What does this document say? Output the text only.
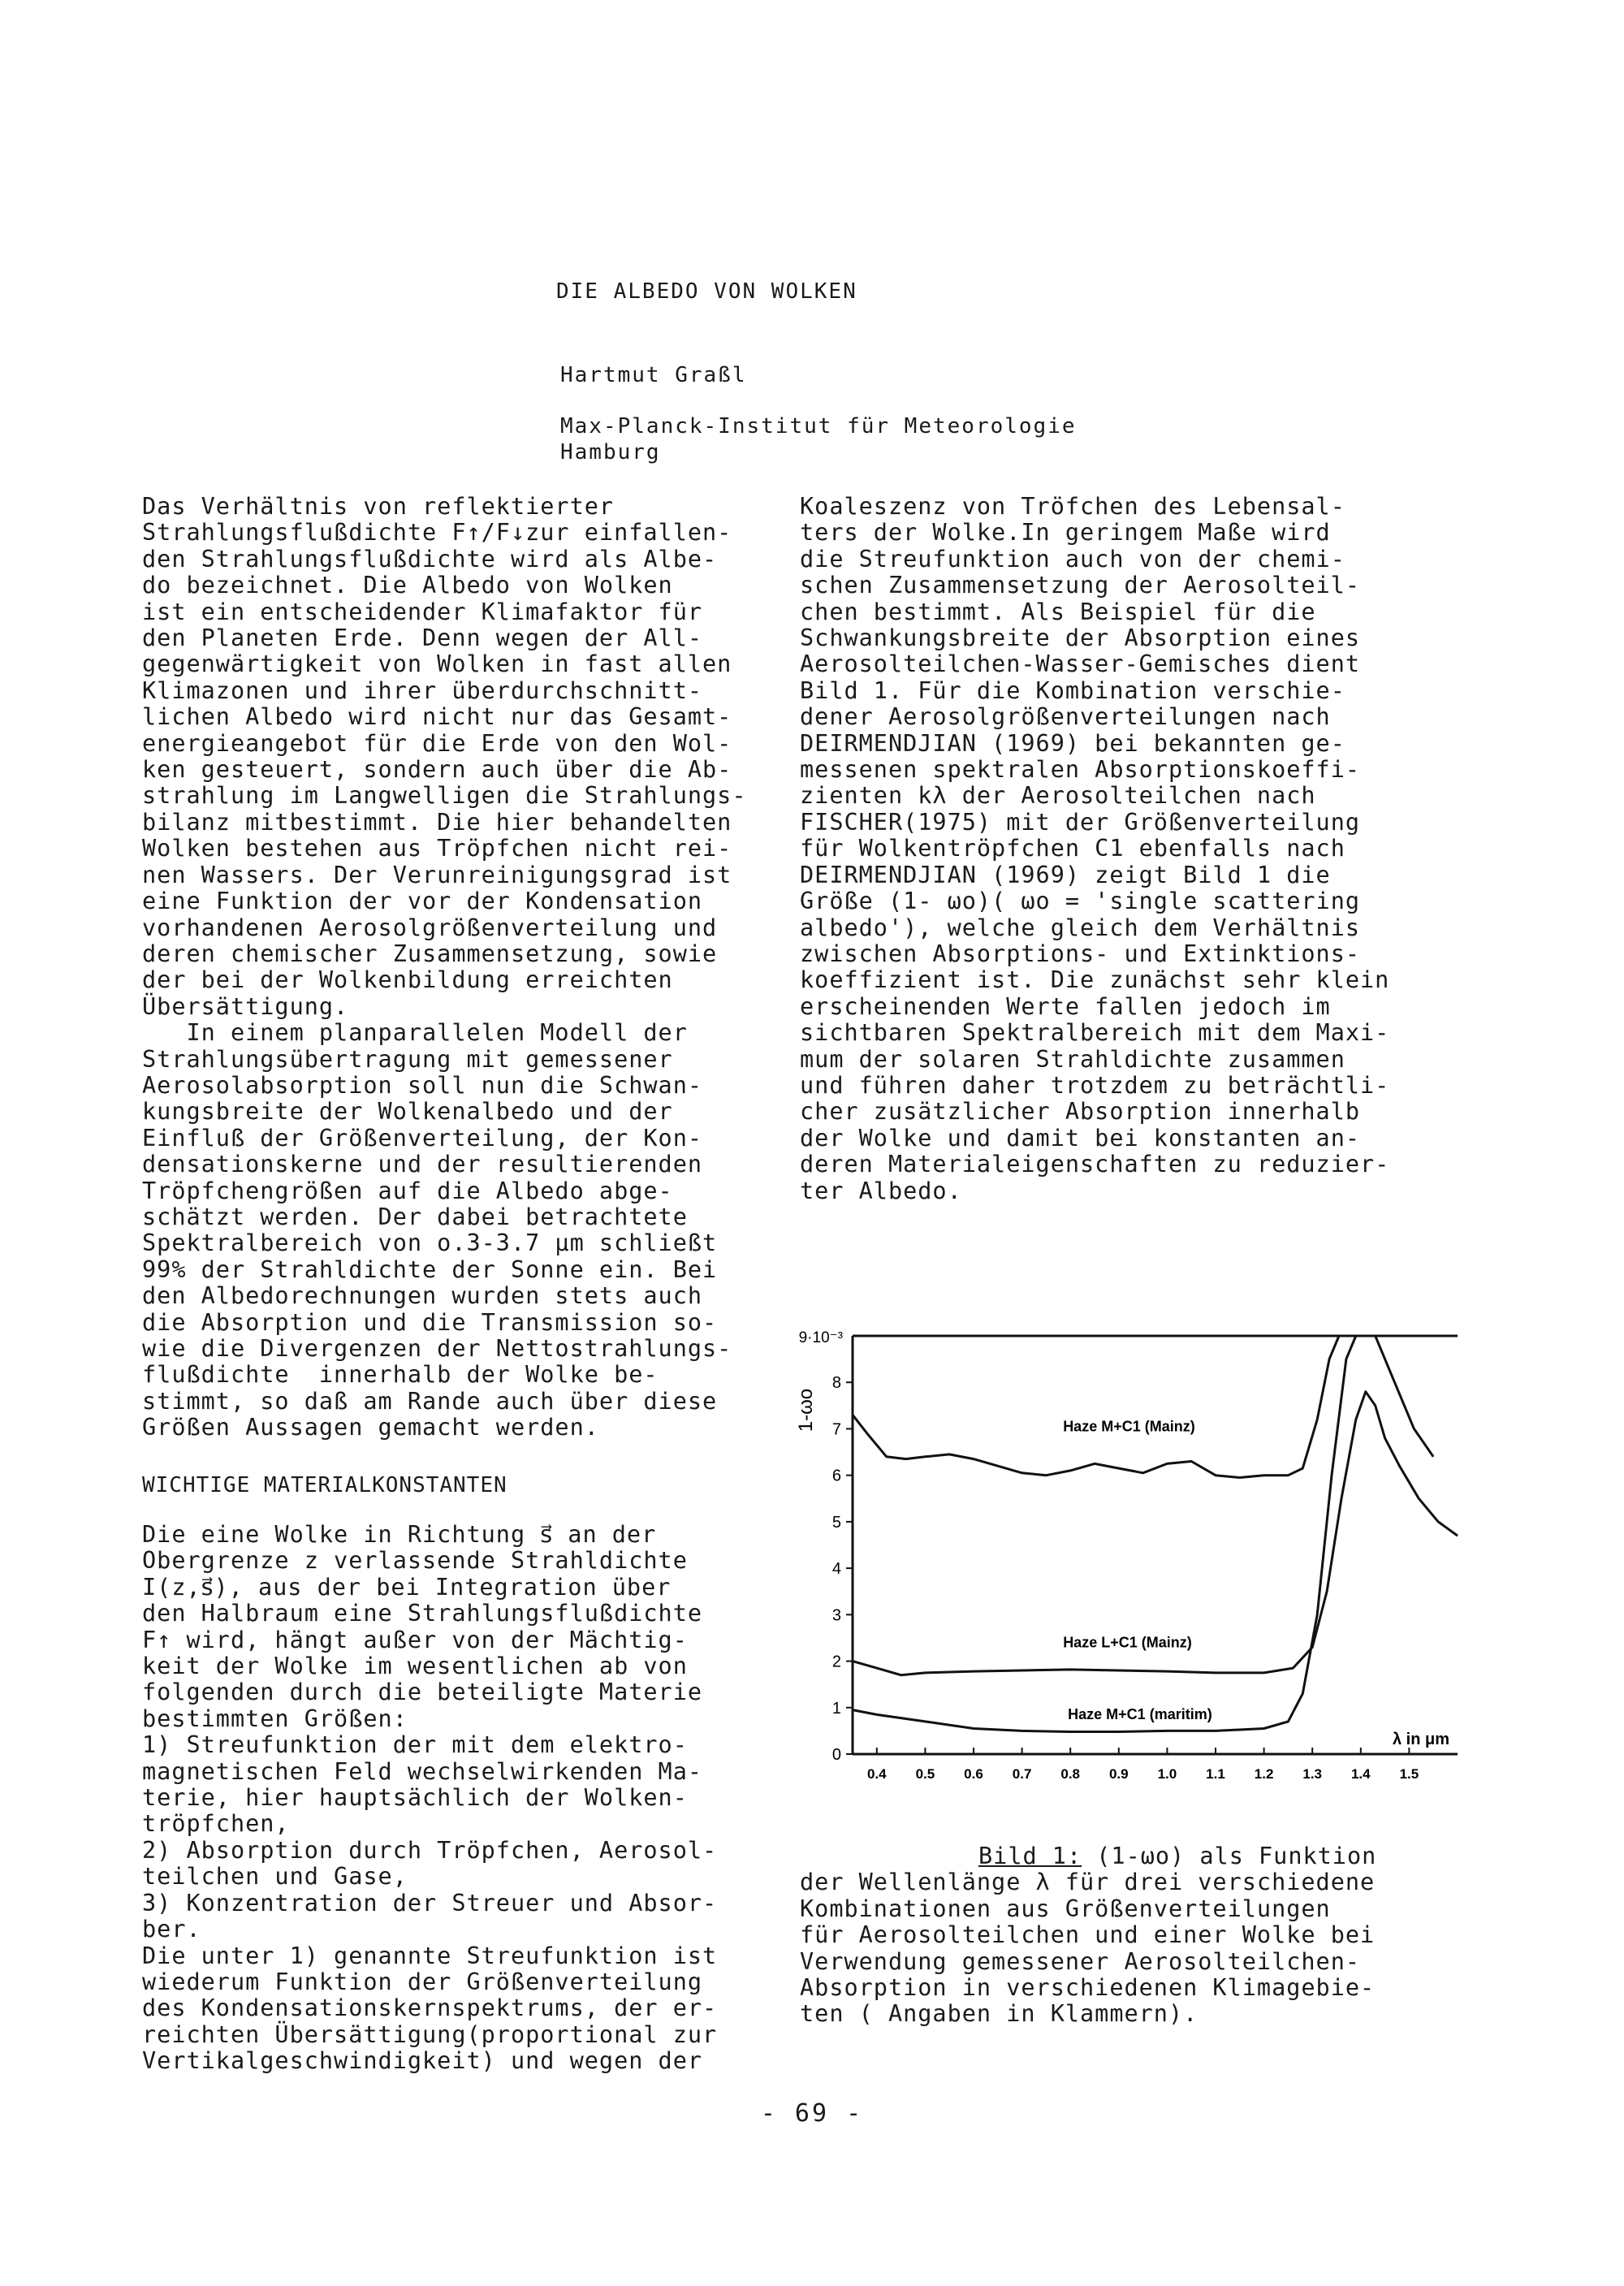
DIE ALBEDO VON WOLKEN
Hartmut Graßl
Max-Planck-Institut für Meteorologie
Hamburg

Das Verhältnis von reflektierter

Strahlungsflußdichte F↑/F↓zur einfallen-

den Strahlungsflußdichte wird als Albe-

do bezeichnet. Die Albedo von Wolken

ist ein entscheidender Klimafaktor für

den Planeten Erde. Denn wegen der All-

gegenwärtigkeit von Wolken in fast allen

Klimazonen und ihrer überdurchschnitt-

lichen Albedo wird nicht nur das Gesamt-

energieangebot für die Erde von den Wol-

ken gesteuert, sondern auch über die Ab-

strahlung im Langwelligen die Strahlungs-

bilanz mitbestimmt. Die hier behandelten

Wolken bestehen aus Tröpfchen nicht rei-

nen Wassers. Der Verunreinigungsgrad ist

eine Funktion der vor der Kondensation

vorhandenen Aerosolgrößenverteilung und

deren chemischer Zusammensetzung, sowie

der bei der Wolkenbildung erreichten

Übersättigung.

In einem planparallelen Modell der

Strahlungsübertragung mit gemessener

Aerosolabsorption soll nun die Schwan-

kungsbreite der Wolkenalbedo und der

Einfluß der Größenverteilung, der Kon-

densationskerne und der resultierenden

Tröpfchengrößen auf die Albedo abge-

schätzt werden. Der dabei betrachtete

Spektralbereich von o.3-3.7 μm schließt

99% der Strahldichte der Sonne ein. Bei

den Albedorechnungen wurden stets auch

die Absorption und die Transmission so-

wie die Divergenzen der Nettostrahlungs-

flußdichte  innerhalb der Wolke be-

stimmt, so daß am Rande auch über diese

Größen Aussagen gemacht werden.

WICHTIGE MATERIALKONSTANTEN

Die eine Wolke in Richtung s⃗ an der

Obergrenze z verlassende Strahldichte

I(z,s⃗), aus der bei Integration über

den Halbraum eine Strahlungsflußdichte

F↑ wird, hängt außer von der Mächtig-

keit der Wolke im wesentlichen ab von

folgenden durch die beteiligte Materie

bestimmten Größen:

1) Streufunktion der mit dem elektro-

magnetischen Feld wechselwirkenden Ma-

terie, hier hauptsächlich der Wolken-

tröpfchen,

2) Absorption durch Tröpfchen, Aerosol-

teilchen und Gase,

3) Konzentration der Streuer und Absor-

ber.

Die unter 1) genannte Streufunktion ist

wiederum Funktion der Größenverteilung

des Kondensationskernspektrums, der er-

reichten Übersättigung(proportional zur

Vertikalgeschwindigkeit) und wegen der

Koaleszenz von Tröfchen des Lebensal-

ters der Wolke.In geringem Maße wird

die Streufunktion auch von der chemi-

schen Zusammensetzung der Aerosolteil-

chen bestimmt. Als Beispiel für die

Schwankungsbreite der Absorption eines

Aerosolteilchen-Wasser-Gemisches dient

Bild 1. Für die Kombination verschie-

dener Aerosolgrößenverteilungen nach

DEIRMENDJIAN (1969) bei bekannten ge-

messenen spektralen Absorptionskoeffi-

zienten kλ der Aerosolteilchen nach

FISCHER(1975) mit der Größenverteilung

für Wolkentröpfchen C1 ebenfalls nach

DEIRMENDJIAN (1969) zeigt Bild 1 die

Größe (1- ωo)( ωo = 'single scattering

albedo'), welche gleich dem Verhältnis

zwischen Absorptions- und Extinktions-

koeffizient ist. Die zunächst sehr klein

erscheinenden Werte fallen jedoch im

sichtbaren Spektralbereich mit dem Maxi-

mum der solaren Strahldichte zusammen

und führen daher trotzdem zu beträchtli-

cher zusätzlicher Absorption innerhalb

der Wolke und damit bei konstanten an-

deren Materialeigenschaften zu reduzier-

ter Albedo.

0
1
2
3
4
5
6
7
8
9·10⁻³
0.4 0.5 0.6 0.7 0.8 0.9 1.0 1.1 1.2 1.3 1.4 1.5
λ in μm
1-ωo	Haze M+C1 (Mainz)
Haze L+C1 (Mainz)
Haze M+C1 (maritim)

Bild 1: (1-ωo) als Funktion

der Wellenlänge λ für drei verschiedene

Kombinationen aus Größenverteilungen

für Aerosolteilchen und einer Wolke bei

Verwendung gemessener Aerosolteilchen-

Absorption in verschiedenen Klimagebie-

ten ( Angaben in Klammern).

- 69 -
